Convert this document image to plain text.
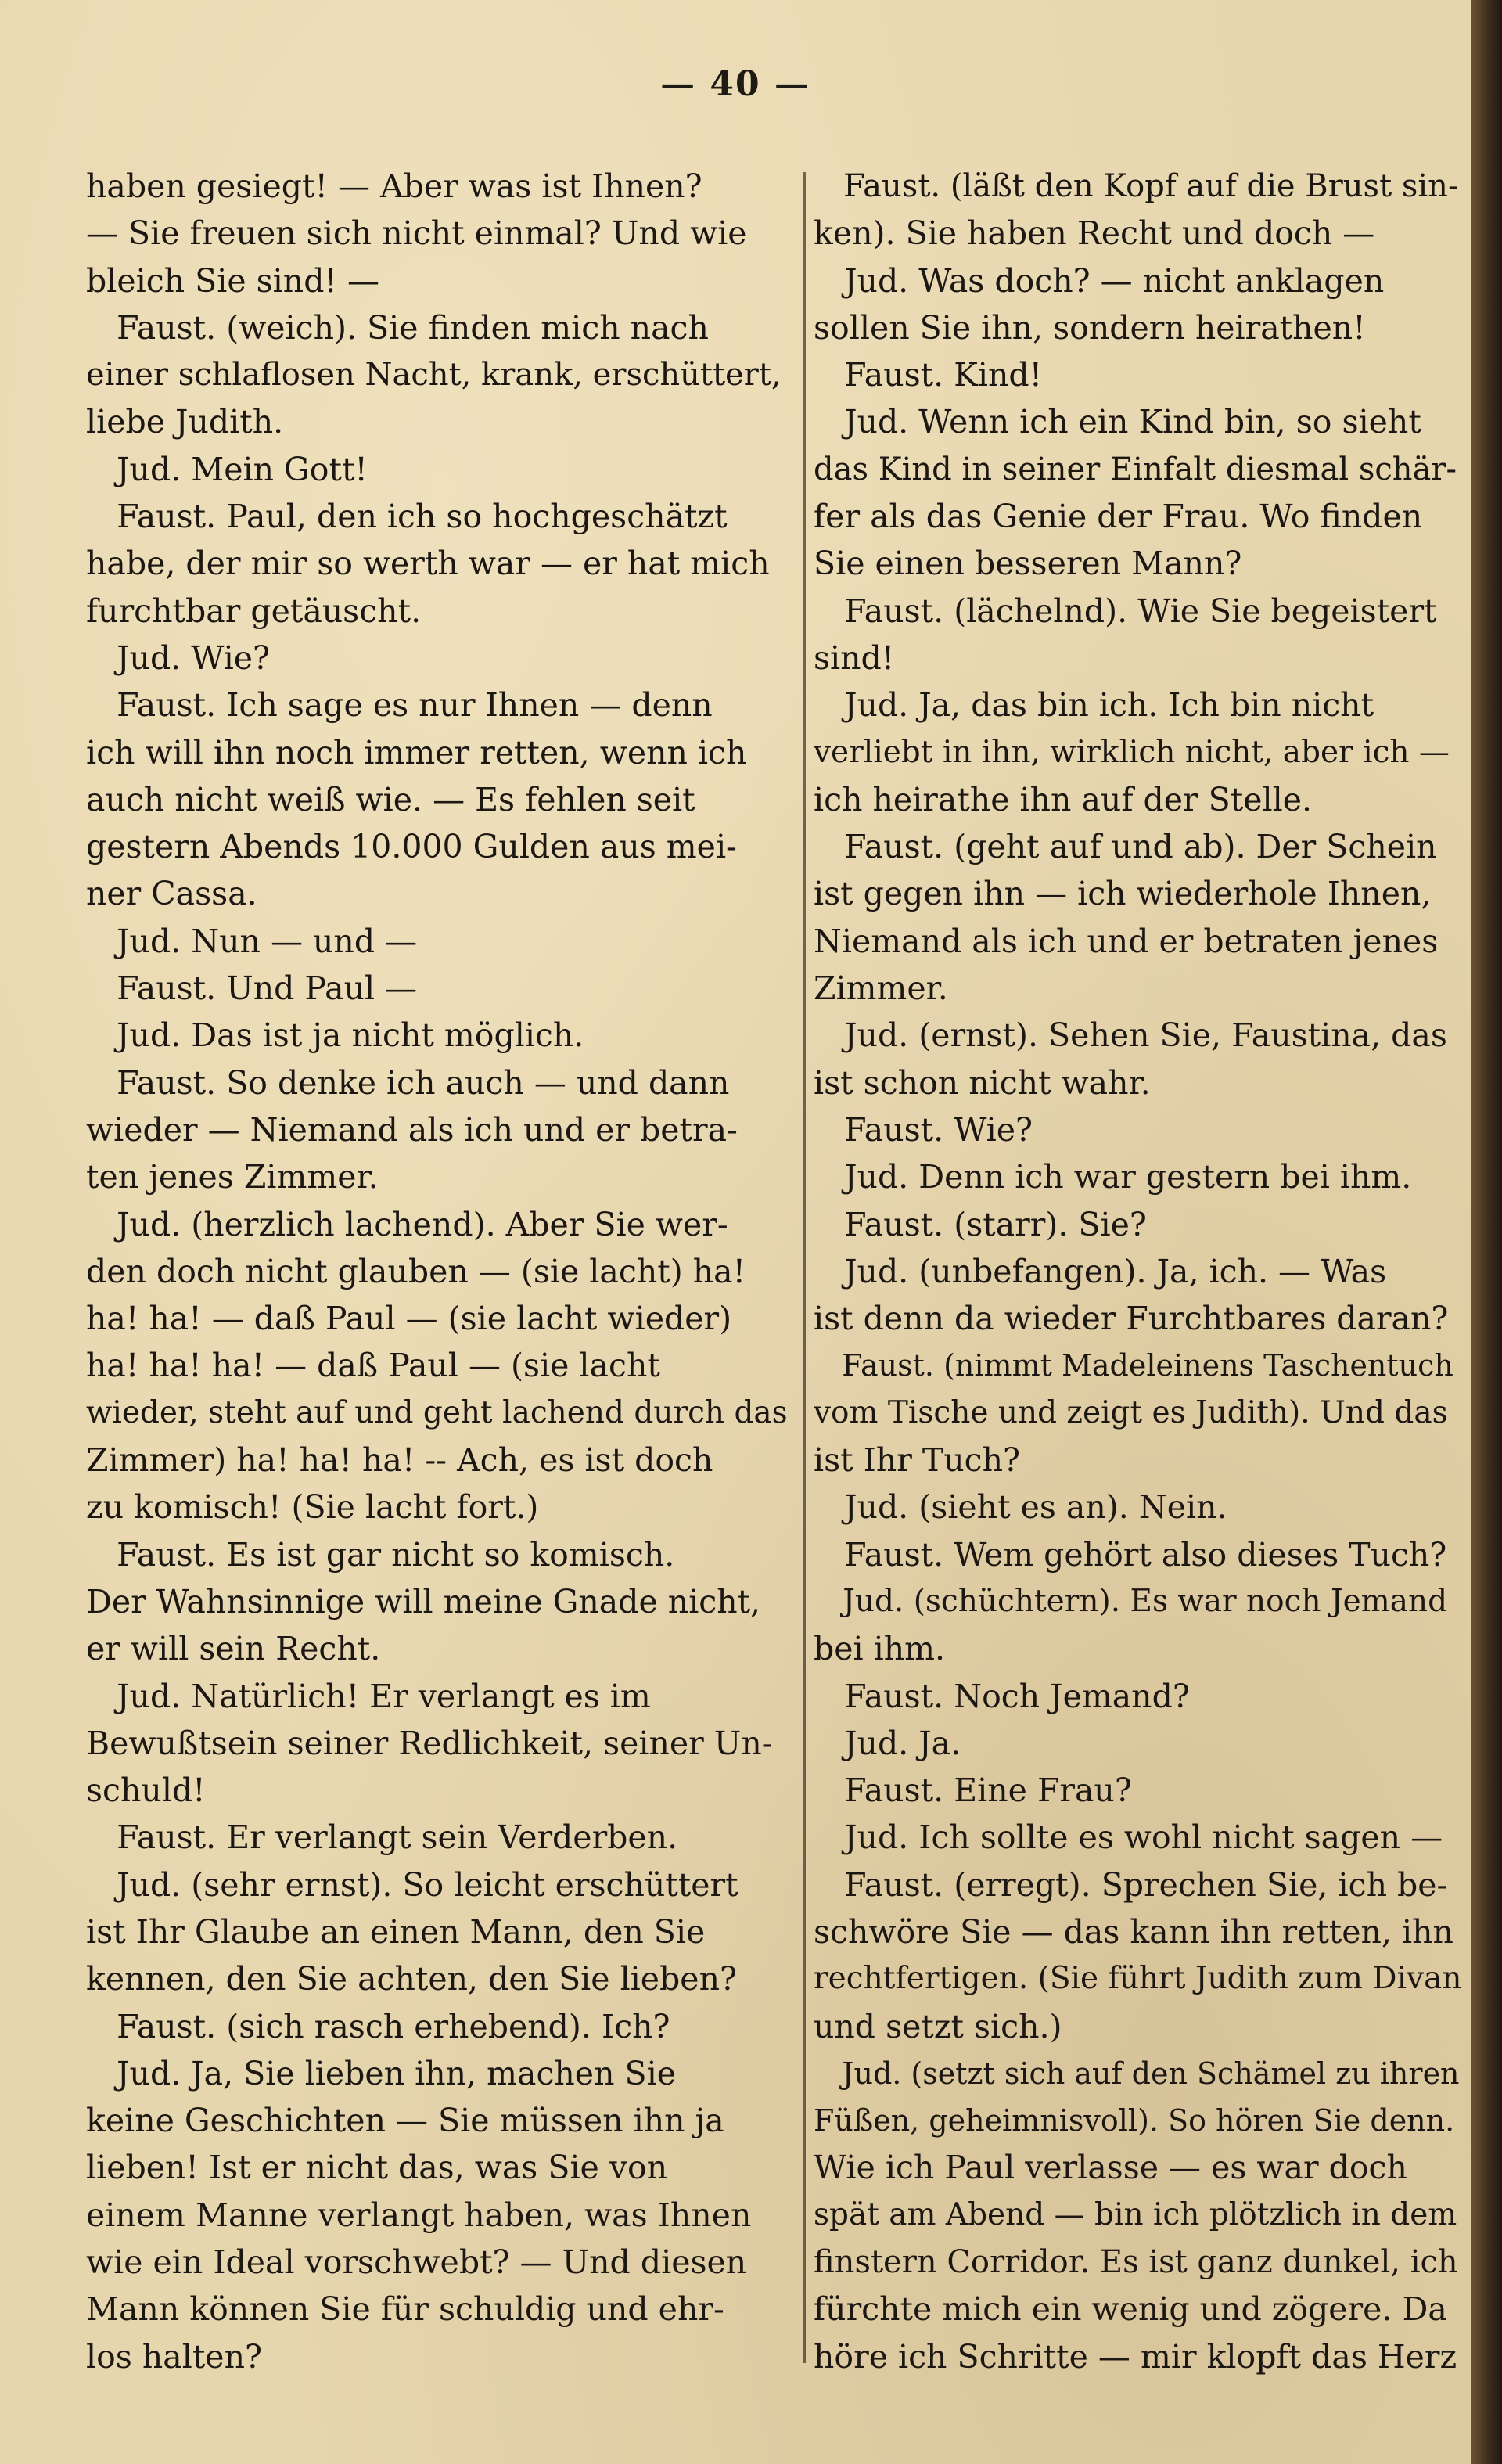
— 40 —
haben gesiegt! — Aber was ist Ihnen?
— Sie freuen sich nicht einmal? Und wie
bleich Sie sind! —
Faust. (weich). Sie finden mich nach
einer schlaflosen Nacht, krank, erschüttert,
liebe Judith.
Jud. Mein Gott!
Faust. Paul, den ich so hochgeschätzt
habe, der mir so werth war — er hat mich
furchtbar getäuscht.
Jud. Wie?
Faust. Ich sage es nur Ihnen — denn
ich will ihn noch immer retten, wenn ich
auch nicht weiß wie. — Es fehlen seit
gestern Abends 10.000 Gulden aus mei-
ner Cassa.
Jud. Nun — und —
Faust. Und Paul —
Jud. Das ist ja nicht möglich.
Faust. So denke ich auch — und dann
wieder — Niemand als ich und er betra-
ten jenes Zimmer.
Jud. (herzlich lachend). Aber Sie wer-
den doch nicht glauben — (sie lacht) ha!
ha! ha! — daß Paul — (sie lacht wieder)
ha! ha! ha! — daß Paul — (sie lacht
wieder, steht auf und geht lachend durch das
Zimmer) ha! ha! ha! -- Ach, es ist doch
zu komisch! (Sie lacht fort.)
Faust. Es ist gar nicht so komisch.
Der Wahnsinnige will meine Gnade nicht,
er will sein Recht.
Jud. Natürlich! Er verlangt es im
Bewußtsein seiner Redlichkeit, seiner Un-
schuld!
Faust. Er verlangt sein Verderben.
Jud. (sehr ernst). So leicht erschüttert
ist Ihr Glaube an einen Mann, den Sie
kennen, den Sie achten, den Sie lieben?
Faust. (sich rasch erhebend). Ich?
Jud. Ja, Sie lieben ihn, machen Sie
keine Geschichten — Sie müssen ihn ja
lieben! Ist er nicht das, was Sie von
einem Manne verlangt haben, was Ihnen
wie ein Ideal vorschwebt? — Und diesen
Mann können Sie für schuldig und ehr-
los halten?
Faust. (läßt den Kopf auf die Brust sin-
ken). Sie haben Recht und doch —
Jud. Was doch? — nicht anklagen
sollen Sie ihn, sondern heirathen!
Faust. Kind!
Jud. Wenn ich ein Kind bin, so sieht
das Kind in seiner Einfalt diesmal schär-
fer als das Genie der Frau. Wo finden
Sie einen besseren Mann?
Faust. (lächelnd). Wie Sie begeistert
sind!
Jud. Ja, das bin ich. Ich bin nicht
verliebt in ihn, wirklich nicht, aber ich —
ich heirathe ihn auf der Stelle.
Faust. (geht auf und ab). Der Schein
ist gegen ihn — ich wiederhole Ihnen,
Niemand als ich und er betraten jenes
Zimmer.
Jud. (ernst). Sehen Sie, Faustina, das
ist schon nicht wahr.
Faust. Wie?
Jud. Denn ich war gestern bei ihm.
Faust. (starr). Sie?
Jud. (unbefangen). Ja, ich. — Was
ist denn da wieder Furchtbares daran?
Faust. (nimmt Madeleinens Taschentuch
vom Tische und zeigt es Judith). Und das
ist Ihr Tuch?
Jud. (sieht es an). Nein.
Faust. Wem gehört also dieses Tuch?
Jud. (schüchtern). Es war noch Jemand
bei ihm.
Faust. Noch Jemand?
Jud. Ja.
Faust. Eine Frau?
Jud. Ich sollte es wohl nicht sagen —
Faust. (erregt). Sprechen Sie, ich be-
schwöre Sie — das kann ihn retten, ihn
rechtfertigen. (Sie führt Judith zum Divan
und setzt sich.)
Jud. (setzt sich auf den Schämel zu ihren
Füßen, geheimnisvoll). So hören Sie denn.
Wie ich Paul verlasse — es war doch
spät am Abend — bin ich plötzlich in dem
finstern Corridor. Es ist ganz dunkel, ich
fürchte mich ein wenig und zögere. Da
höre ich Schritte — mir klopft das Herz
